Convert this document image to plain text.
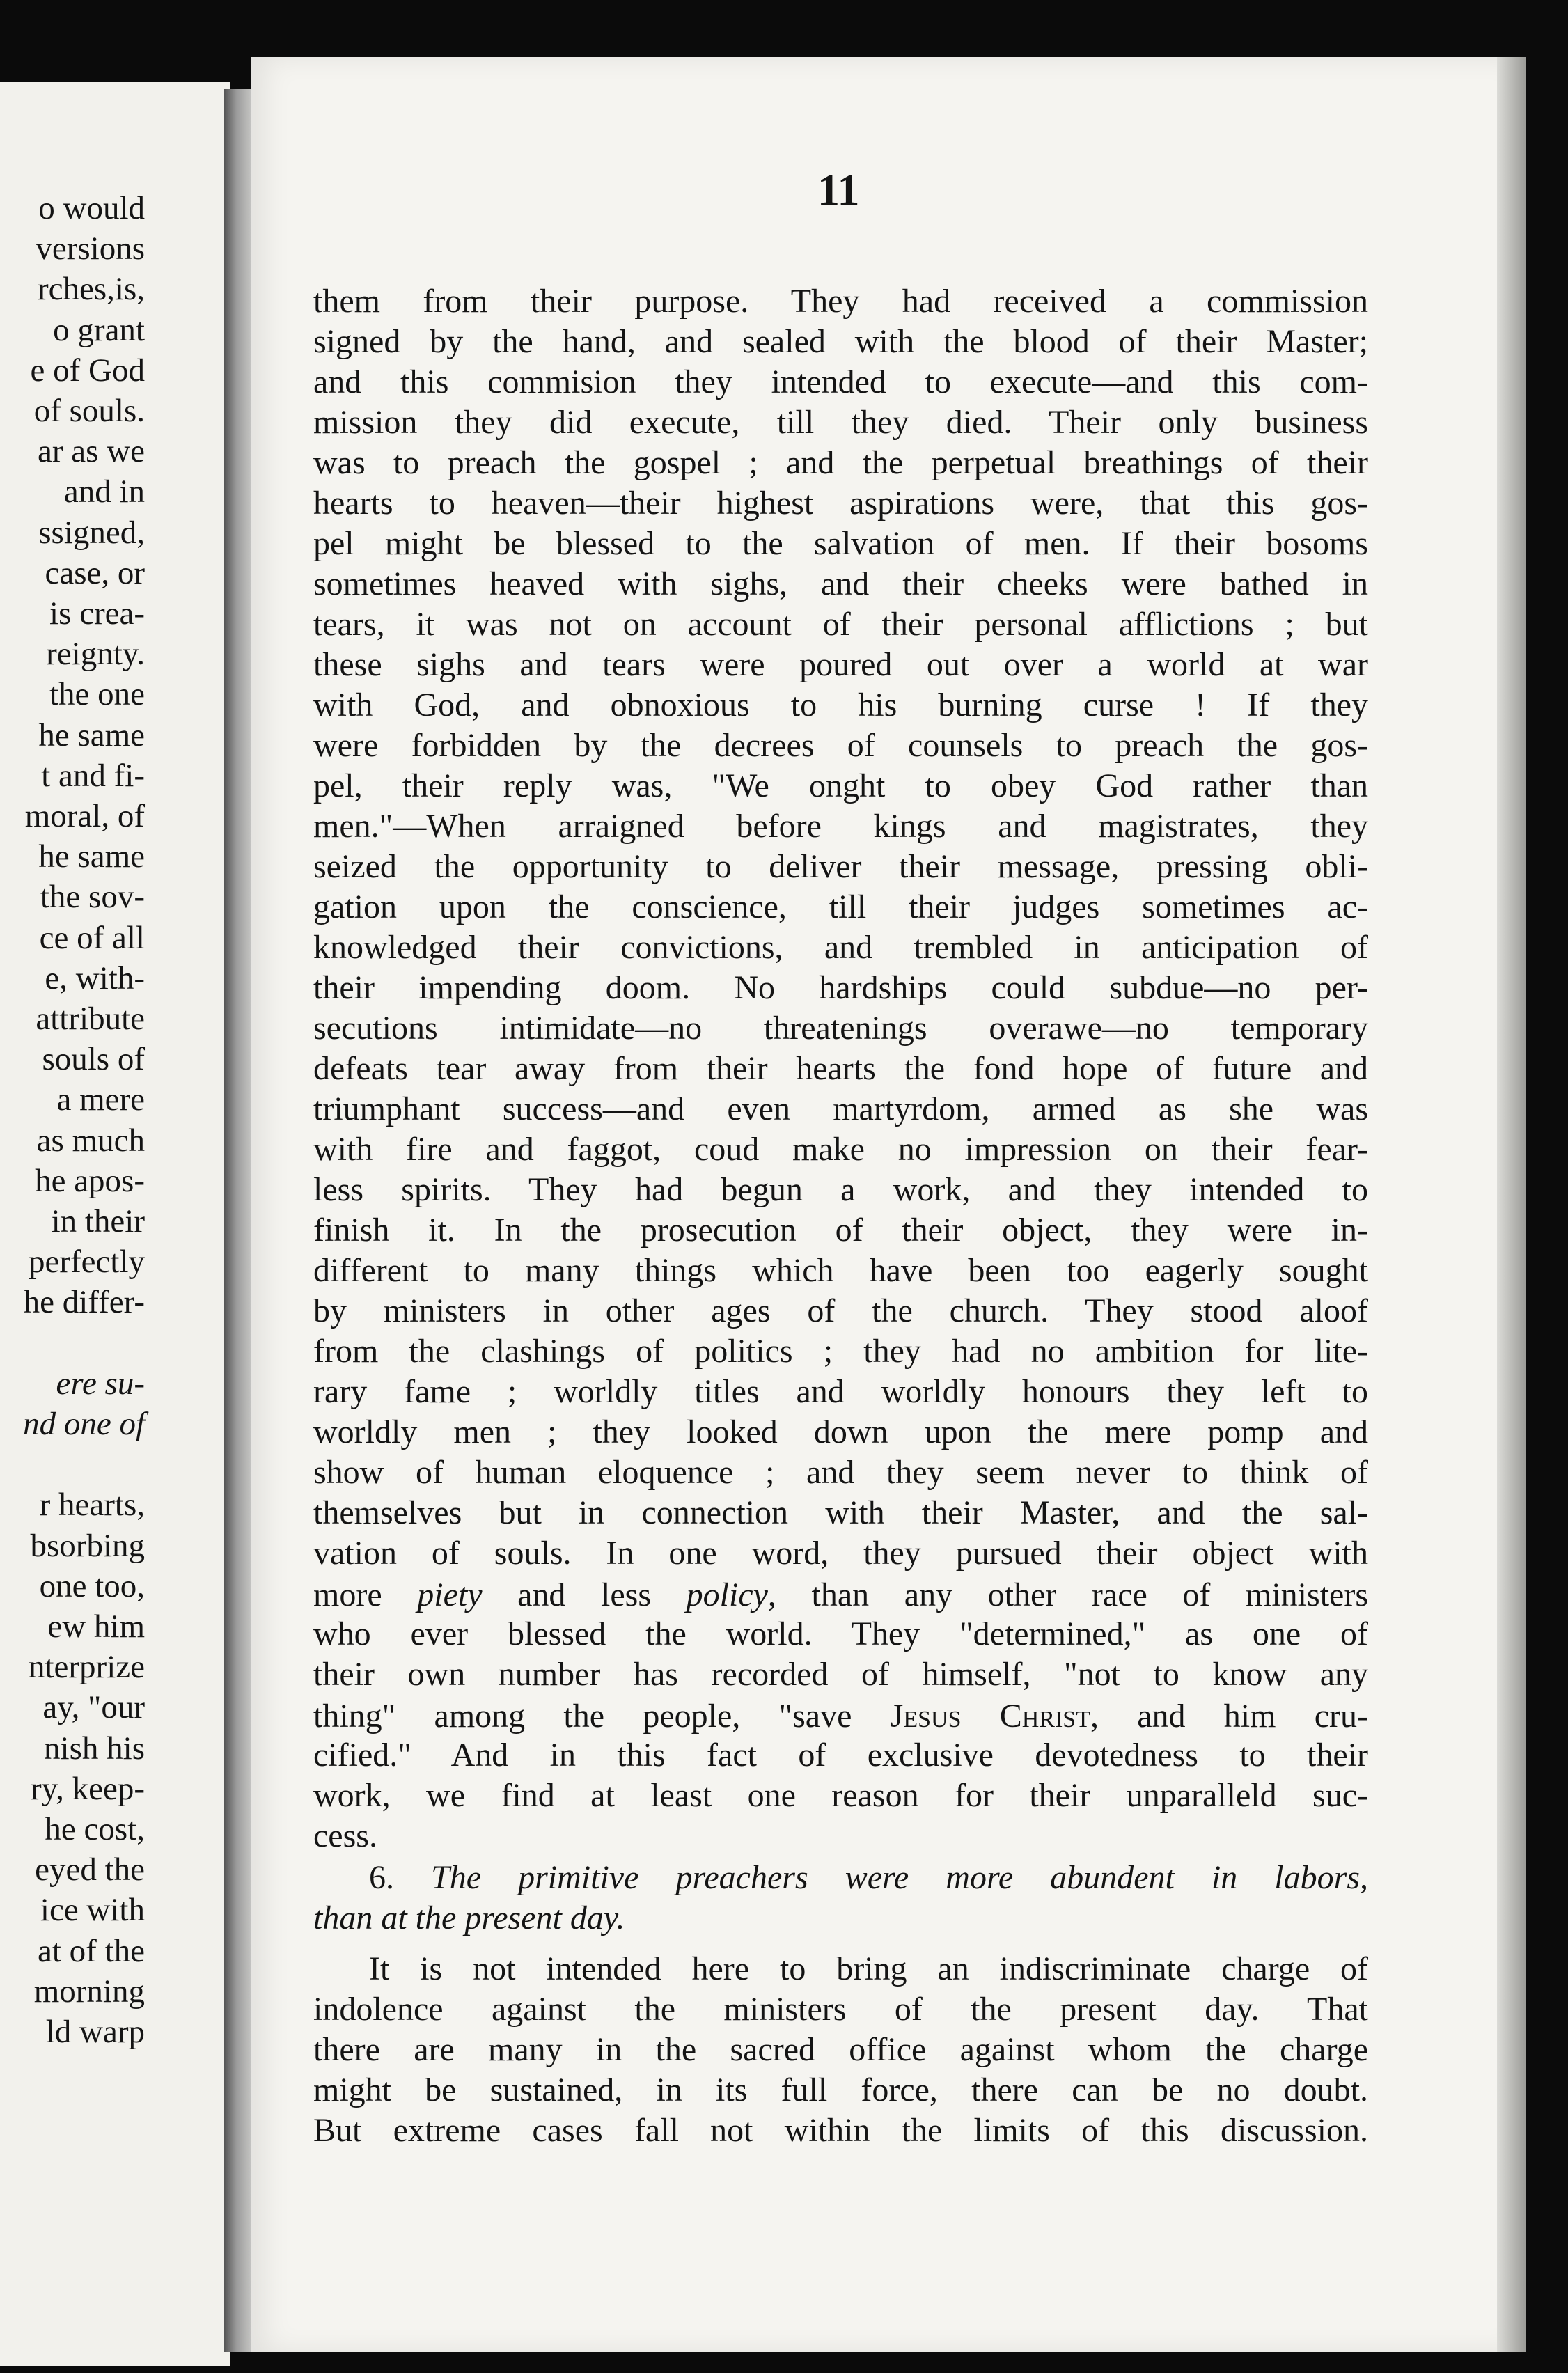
o would
versions
rches,is,
o grant
e of God
of souls.
ar as we
and in
ssigned,
case, or
is crea-
reignty.
the one
he same
t and fi-
moral, of
he same
the sov-
ce of all
e, with-
attribute
souls of
a mere
as much
he apos-
in their
perfectly
he differ-
ere su-
nd one of
r hearts,
bsorbing
one too,
ew him
nterprize
ay, "our
nish his
ry, keep-
he cost,
eyed the
ice with
at of the
morning
ld warp
11
them from their purpose. They had received a commission
signed by the hand, and sealed with the blood of their Master;
and this commision they intended to execute—and this com-
mission they did execute, till they died. Their only business
was to preach the gospel ; and the perpetual breathings of their
hearts to heaven—their highest aspirations were, that this gos-
pel might be blessed to the salvation of men. If their bosoms
sometimes heaved with sighs, and their cheeks were bathed in
tears, it was not on account of their personal afflictions ; but
these sighs and tears were poured out over a world at war
with God, and obnoxious to his burning curse ! If they
were forbidden by the decrees of counsels to preach the gos-
pel, their reply was, "We onght to obey God rather than
men."—When arraigned before kings and magistrates, they
seized the opportunity to deliver their message, pressing obli-
gation upon the conscience, till their judges sometimes ac-
knowledged their convictions, and trembled in anticipation of
their impending doom. No hardships could subdue—no per-
secutions intimidate—no threatenings overawe—no temporary
defeats tear away from their hearts the fond hope of future and
triumphant success—and even martyrdom, armed as she was
with fire and faggot, coud make no impression on their fear-
less spirits. They had begun a work, and they intended to
finish it. In the prosecution of their object, they were in-
different to many things which have been too eagerly sought
by ministers in other ages of the church. They stood aloof
from the clashings of politics ; they had no ambition for lite-
rary fame ; worldly titles and worldly honours they left to
worldly men ; they looked down upon the mere pomp and
show of human eloquence ; and they seem never to think of
themselves but in connection with their Master, and the sal-
vation of souls. In one word, they pursued their object with
who ever blessed the world. They "determined," as one of
their own number has recorded of himself, "not to know any
cified." And in this fact of exclusive devotedness to their
work, we find at least one reason for their unparalleld suc-
cess.
It is not intended here to bring an indiscriminate charge of
indolence against the ministers of the present day. That
there are many in the sacred office against whom the charge
might be sustained, in its full force, there can be no doubt.
But extreme cases fall not within the limits of this discussion.
more piety and less policy, than any other race of ministers
thing" among the people, "save Jesus Christ, and him cru-
6. The primitive preachers were more abundent in labors,
than at the present day.
